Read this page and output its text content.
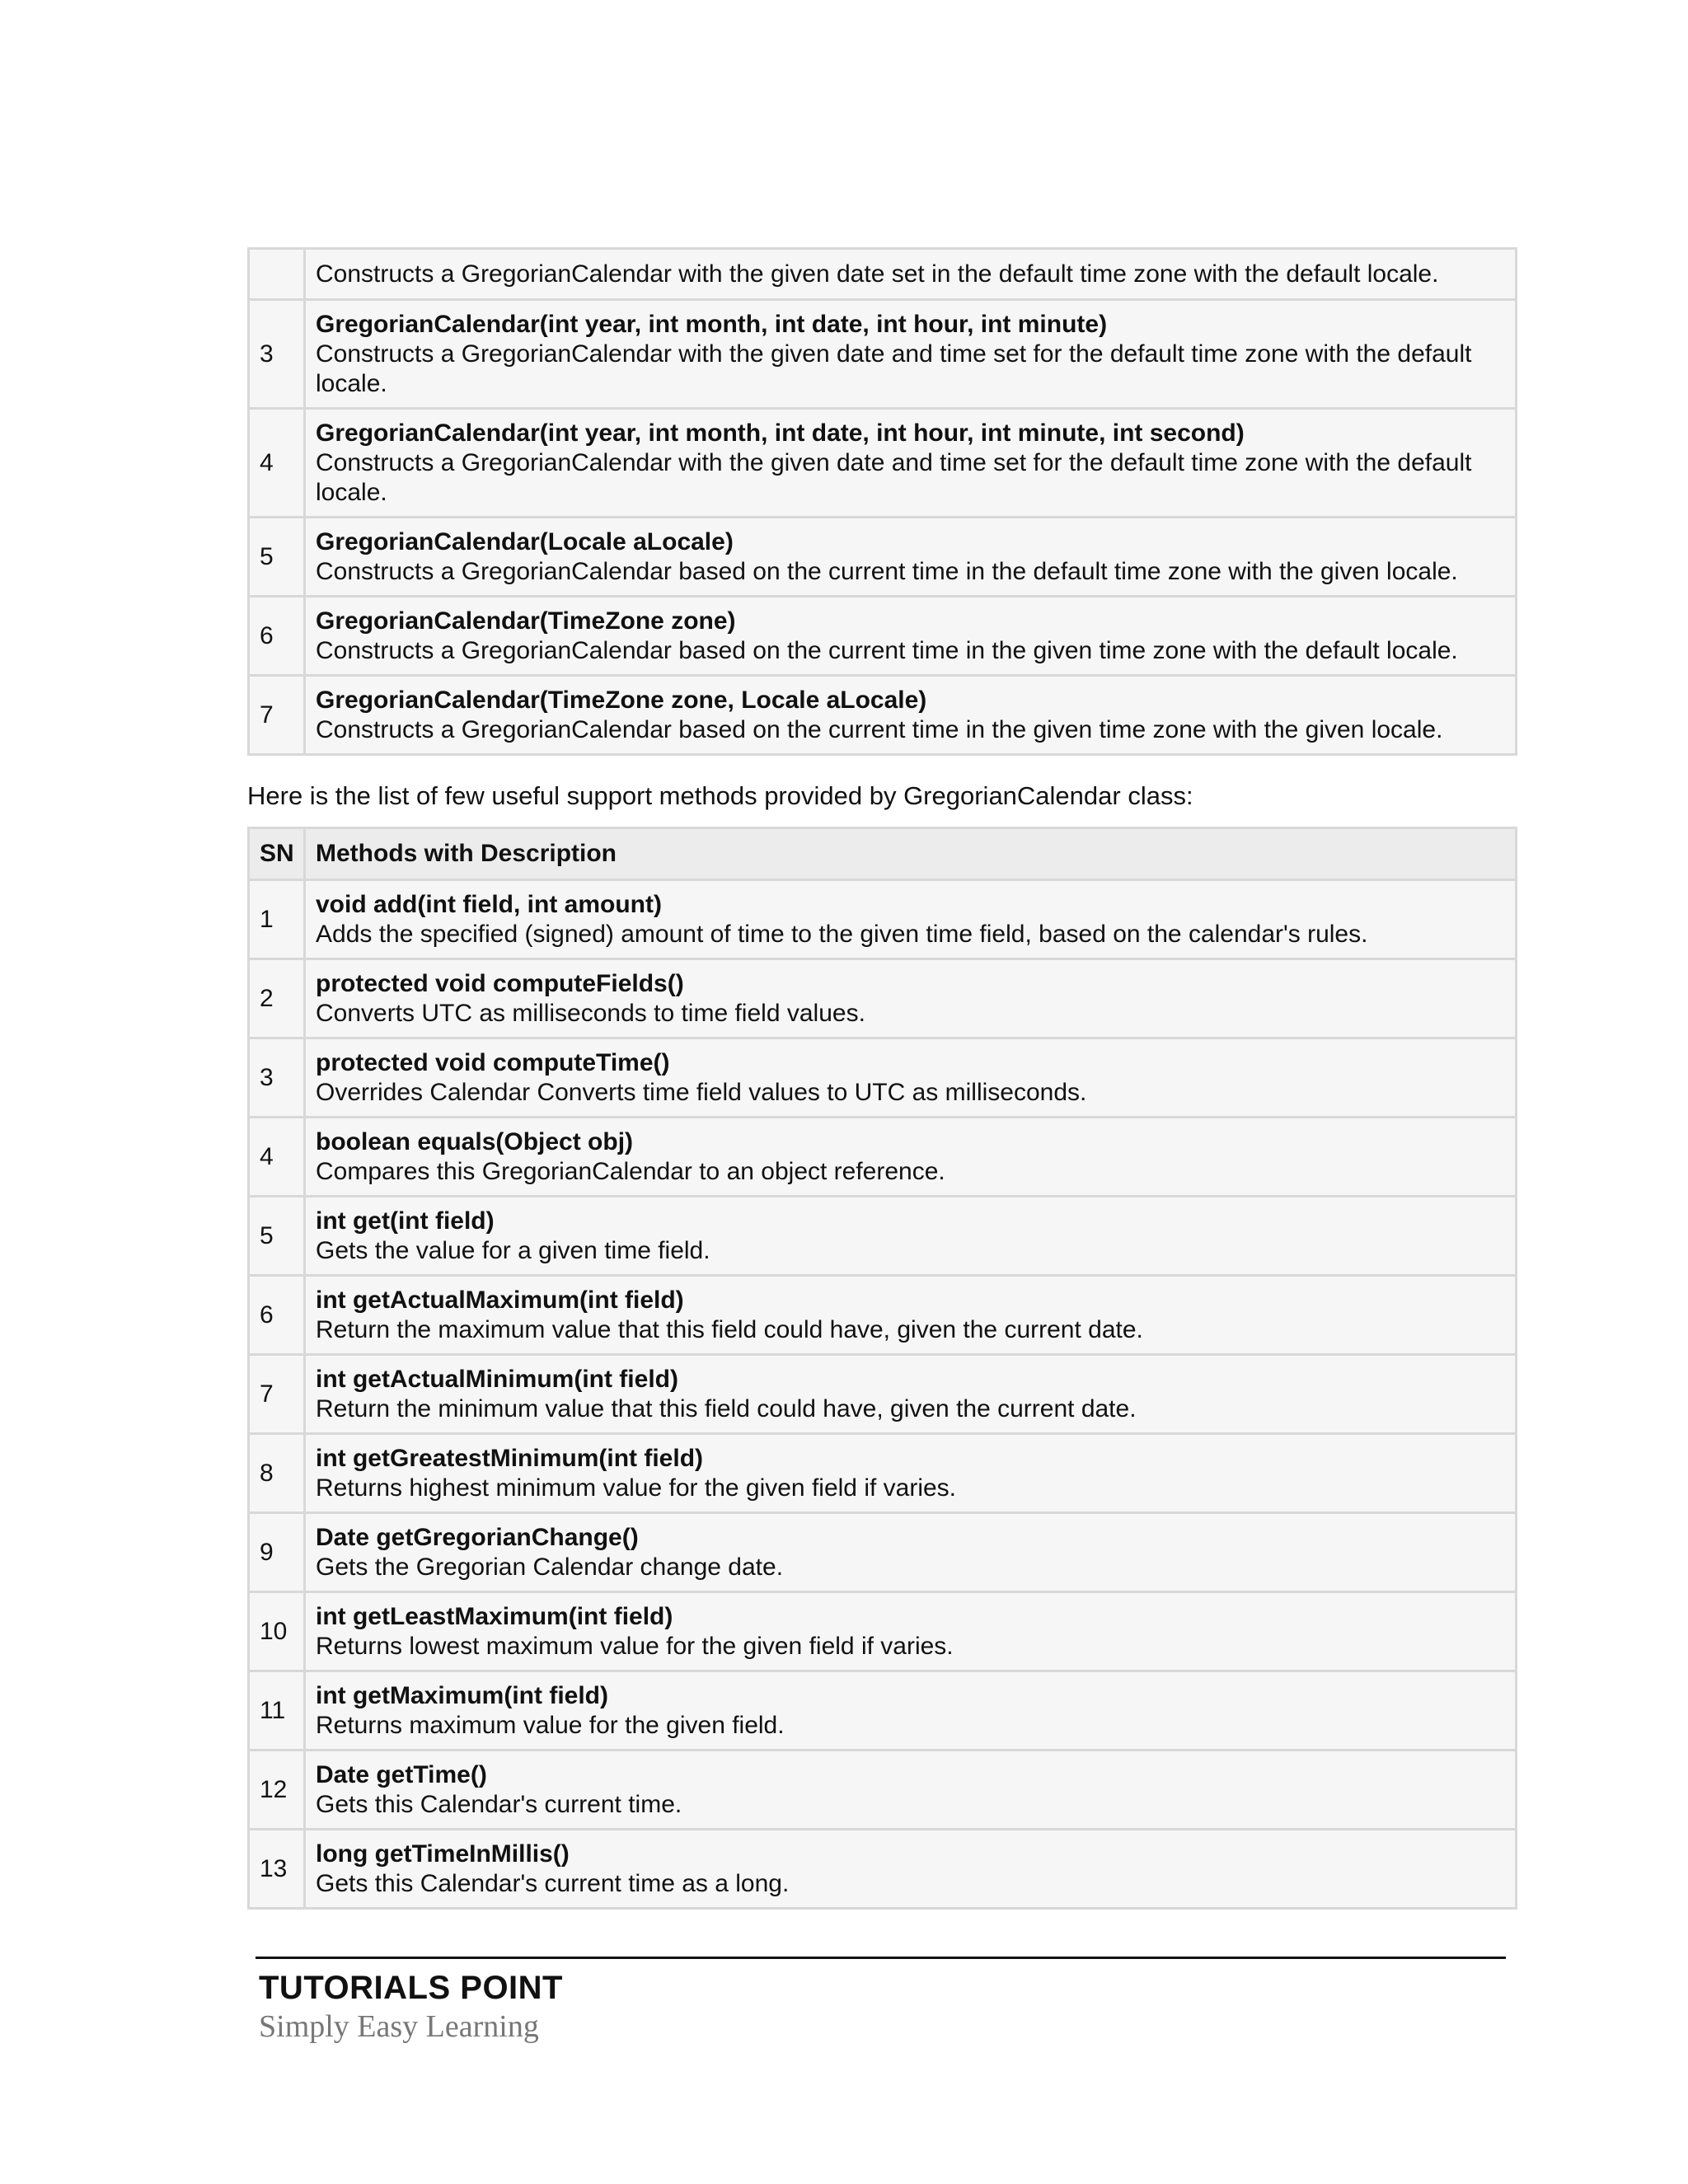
	Constructs a GregorianCalendar with the given date set in the default time zone with the default locale.

3	GregorianCalendar(int year, int month, int date, int hour, int minute)
Constructs a GregorianCalendar with the given date and time set for the default time zone with the default locale.

4	GregorianCalendar(int year, int month, int date, int hour, int minute, int second)
Constructs a GregorianCalendar with the given date and time set for the default time zone with the default locale.

5	GregorianCalendar(Locale aLocale)
Constructs a GregorianCalendar based on the current time in the default time zone with the given locale.

6	GregorianCalendar(TimeZone zone)
Constructs a GregorianCalendar based on the current time in the given time zone with the default locale.

7	GregorianCalendar(TimeZone zone, Locale aLocale)
Constructs a GregorianCalendar based on the current time in the given time zone with the given locale.

Here is the list of few useful support methods provided by GregorianCalendar class:

SN	Methods with Description
1	void add(int field, int amount)
Adds the specified (signed) amount of time to the given time field, based on the calendar's rules.

2	protected void computeFields()
Converts UTC as milliseconds to time field values.

3	protected void computeTime()
Overrides Calendar Converts time field values to UTC as milliseconds.

4	boolean equals(Object obj)
Compares this GregorianCalendar to an object reference.

5	int get(int field)
Gets the value for a given time field.

6	int getActualMaximum(int field)
Return the maximum value that this field could have, given the current date.

7	int getActualMinimum(int field)
Return the minimum value that this field could have, given the current date.

8	int getGreatestMinimum(int field)
Returns highest minimum value for the given field if varies.

9	Date getGregorianChange()
Gets the Gregorian Calendar change date.

10	int getLeastMaximum(int field)
Returns lowest maximum value for the given field if varies.

11	int getMaximum(int field)
Returns maximum value for the given field.

12	Date getTime()
Gets this Calendar's current time.

13	long getTimeInMillis()
Gets this Calendar's current time as a long.
TUTORIALS POINT
Simply Easy Learning
